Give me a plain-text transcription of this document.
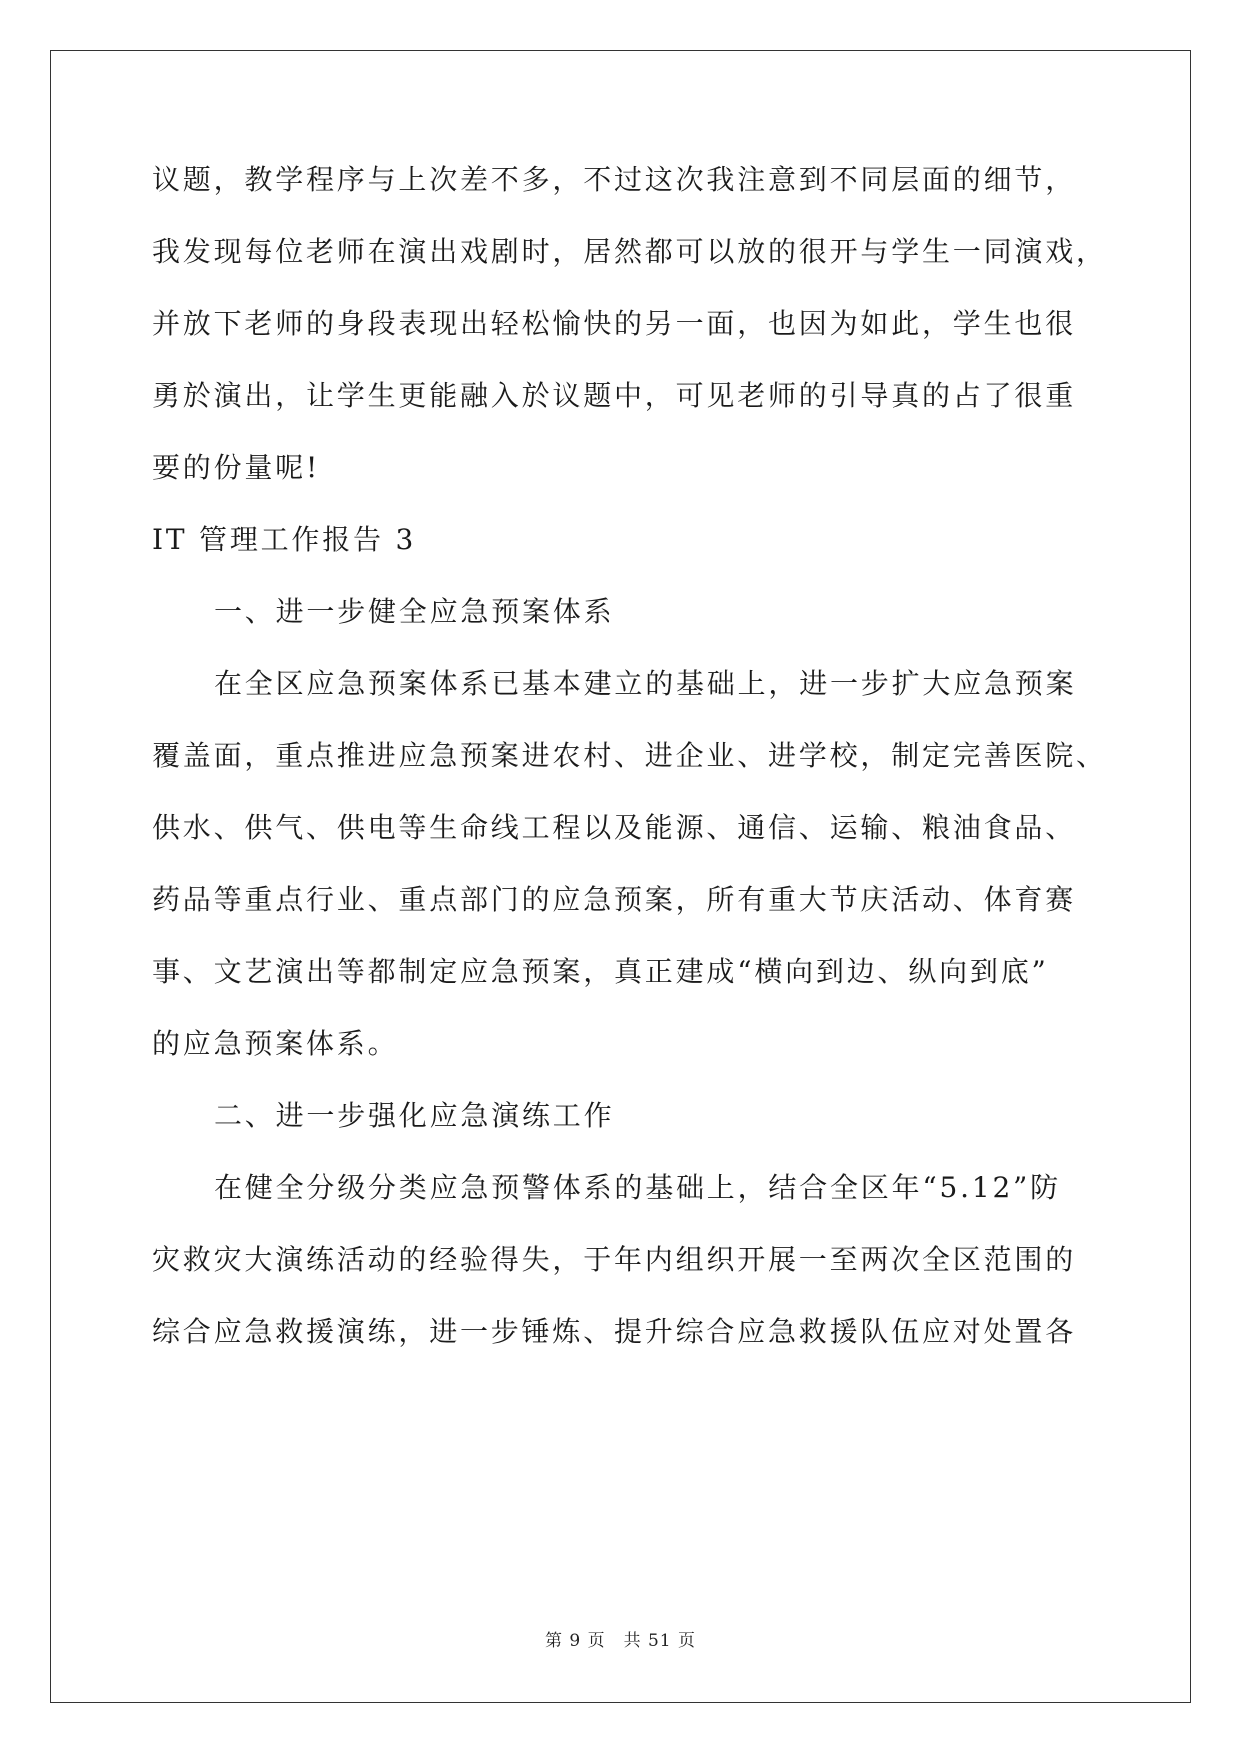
议题，教学程序与上次差不多，不过这次我注意到不同层面的细节，
我发现每位老师在演出戏剧时，居然都可以放的很开与学生一同演戏，
并放下老师的身段表现出轻松愉快的另一面，也因为如此，学生也很
勇於演出，让学生更能融入於议题中，可见老师的引导真的占了很重
要的份量呢!
IT 管理工作报告 3
一、进一步健全应急预案体系
在全区应急预案体系已基本建立的基础上，进一步扩大应急预案
覆盖面，重点推进应急预案进农村、进企业、进学校，制定完善医院、
供水、供气、供电等生命线工程以及能源、通信、运输、粮油食品、
药品等重点行业、重点部门的应急预案，所有重大节庆活动、体育赛
事、文艺演出等都制定应急预案，真正建成“横向到边、纵向到底”
的应急预案体系。
二、进一步强化应急演练工作
在健全分级分类应急预警体系的基础上，结合全区年“5.12”防
灾救灾大演练活动的经验得失，于年内组织开展一至两次全区范围的
综合应急救援演练，进一步锤炼、提升综合应急救援队伍应对处置各
第 9 页 共 51 页
